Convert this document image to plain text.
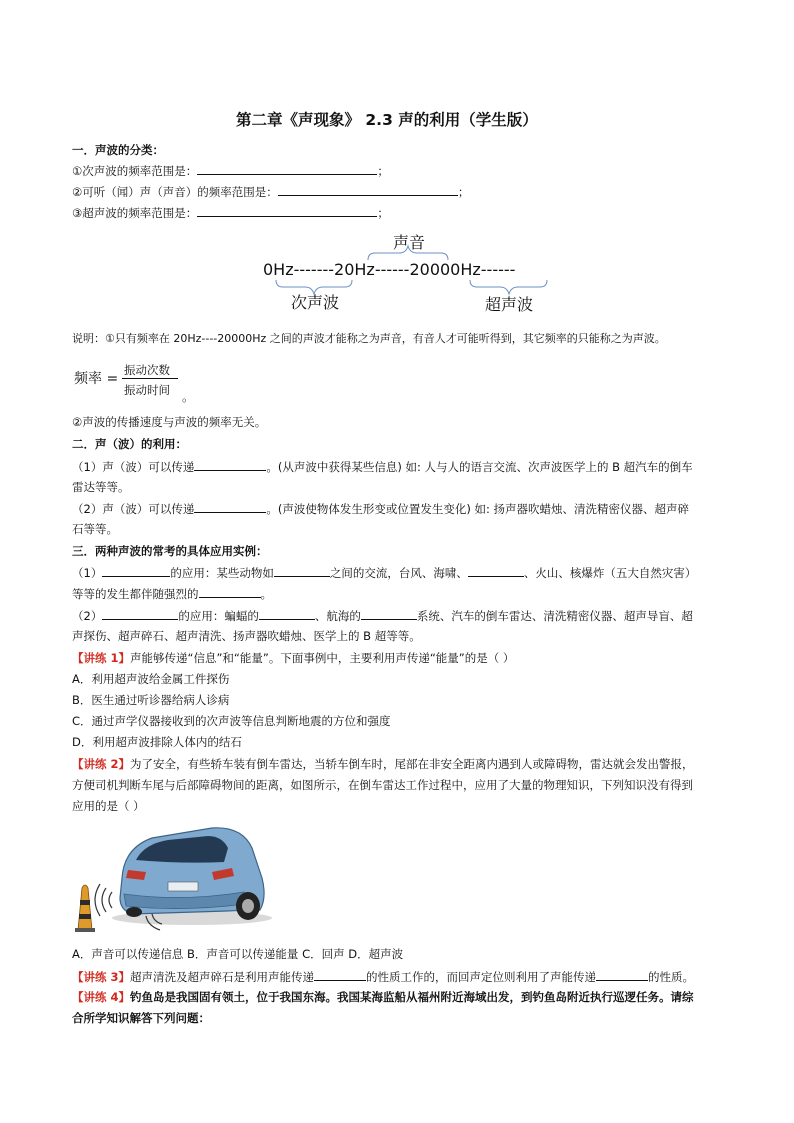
第二章《声现象》 2.3 声的利用（学生版）
一．声波的分类：
①次声波的频率范围是：	；
②可听（闻）声（声音）的频率范围是：	；
③超声波的频率范围是：	；
声音
0Hz-------20Hz------20000Hz------
次声波	超声波
说明：①只有频率在 20Hz----20000Hz 之间的声波才能称之为声音，有音人才可能听得到，其它频率的只能称之为声波。
频率 =
振动次数
振动时间 。
②声波的传播速度与声波的频率无关。
二．声（波）的利用：
（1）声（波）可以传递	。(从声波中获得某些信息) 如: 人与人的语言交流、次声波医学上的 B 超汽车的倒车
雷达等等。
（2）声（波）可以传递	。(声波使物体发生形变或位置发生变化) 如: 扬声器吹蜡烛、清洗精密仪器、超声碎
石等等。
三．两种声波的常考的具体应用实例：
（1）	的应用：某些动物如	之间的交流，台风、海啸、	、火山、核爆炸（五大自然灾害）
等等的发生都伴随强烈的	。
（2）	的应用：蝙蝠的	、航海的	系统、汽车的倒车雷达、清洗精密仪器、超声导盲、超
声探伤、超声碎石、超声清洗、扬声器吹蜡烛、医学上的 B 超等等。
【讲练 1】声能够传递“信息”和“能量”。下面事例中，主要利用声传递“能量”的是（ ）
A．利用超声波给金属工件探伤
B．医生通过听诊器给病人诊病
C．通过声学仪器接收到的次声波等信息判断地震的方位和强度
D．利用超声波排除人体内的结石
【讲练 2】为了安全，有些轿车装有倒车雷达，当轿车倒车时，尾部在非安全距离内遇到人或障碍物，雷达就会发出警报，
方便司机判断车尾与后部障碍物间的距离，如图所示，在倒车雷达工作过程中，应用了大量的物理知识，下列知识没有得到
应用的是（ ）
A．声音可以传递信息 B．声音可以传递能量 C．回声 D．超声波
【讲练 3】超声清洗及超声碎石是利用声能传递	的性质工作的，而回声定位则利用了声能传递	的性质。
【讲练 4】钓鱼岛是我国固有领土，位于我国东海。我国某海监船从福州附近海域出发，到钓鱼岛附近执行巡逻任务。请综
合所学知识解答下列问题：
